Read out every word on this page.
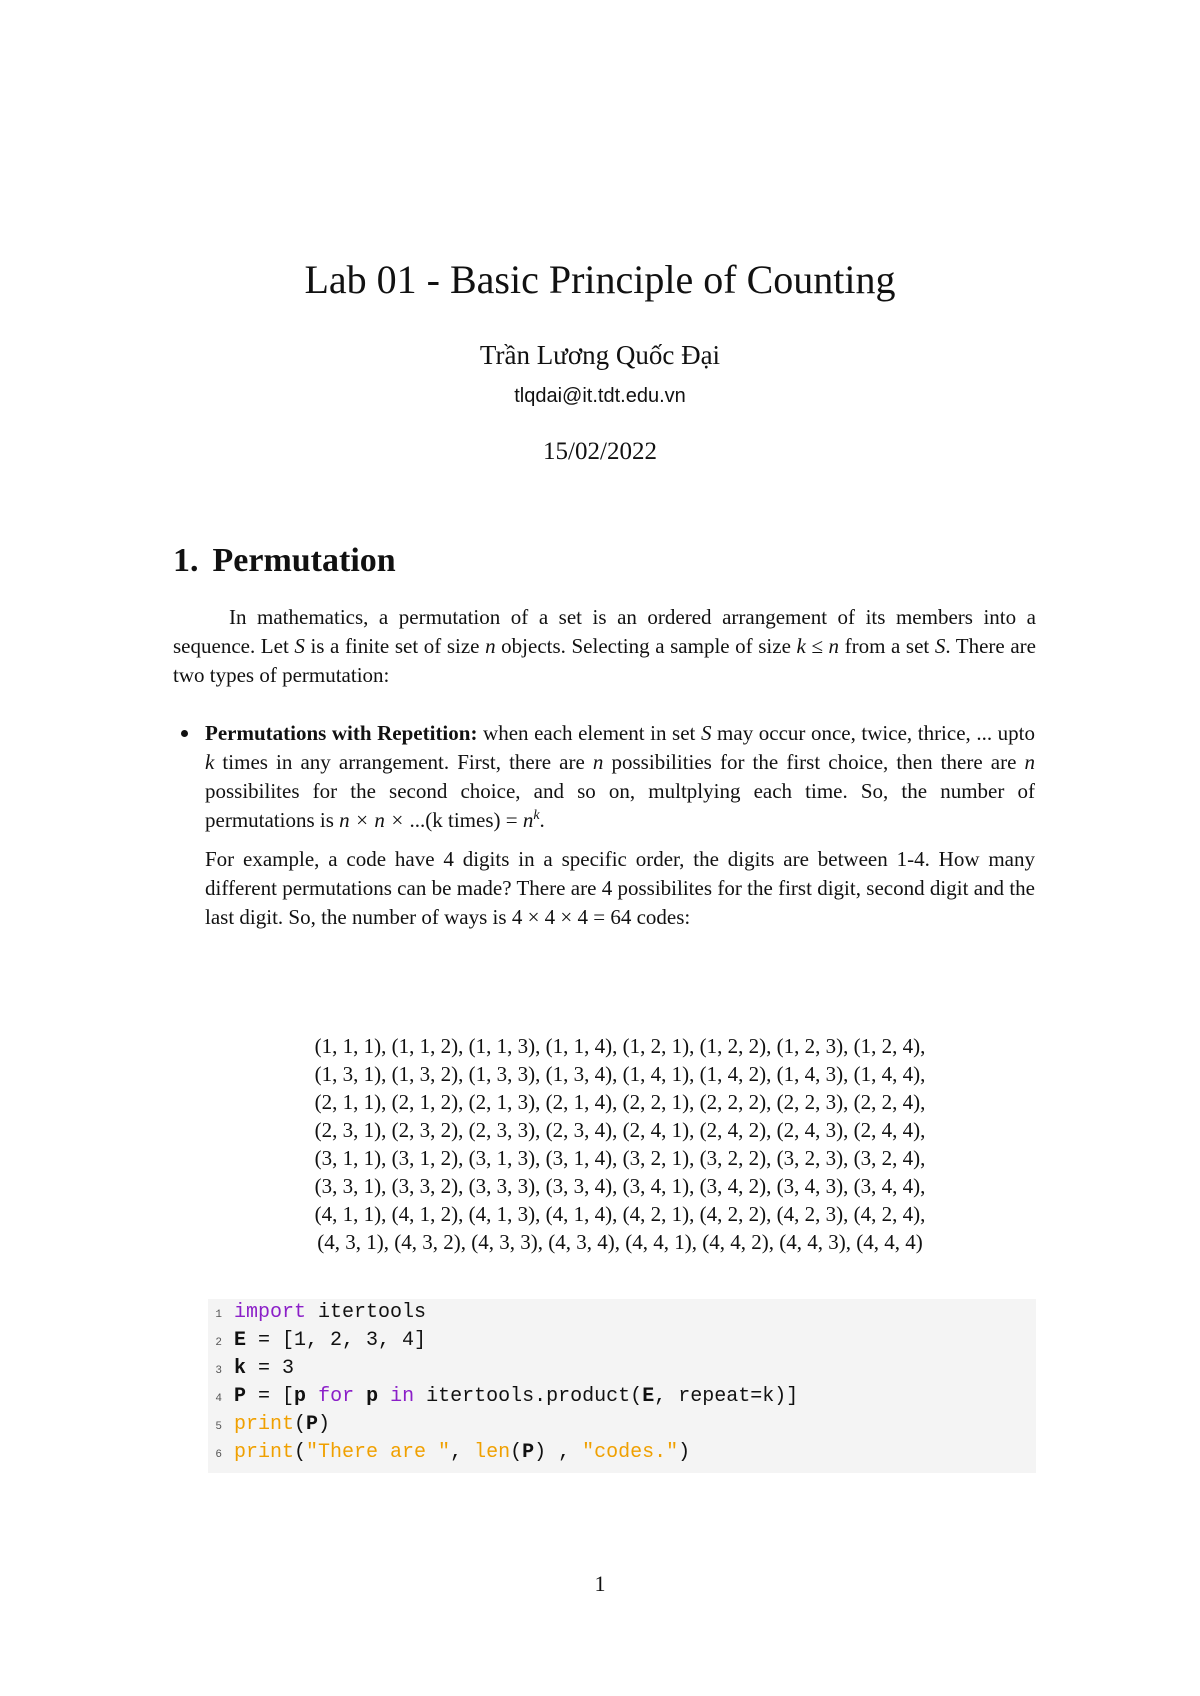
Lab 01 - Basic Principle of Counting
Trần Lương Quốc Đại
tlqdai@it.tdt.edu.vn
15/02/2022
1. Permutation
In mathematics, a permutation of a set is an ordered arrangement of its members into a sequence. Let S is a finite set of size n objects. Selecting a sample of size k ≤ n from a set S. There are two types of permutation:

Permutations with Repetition: when each element in set S may occur once, twice, thrice, ... upto k times in any arrangement. First, there are n possibilities for the first choice, then there are n possibilites for the second choice, and so on, multplying each time. So, the number of permutations is n × n × ...(k times) = $n^k$.

For example, a code have 4 digits in a specific order, the digits are between 1-4. How many different permutations can be made? There are 4 possibilites for the first digit, second digit and the last digit. So, the number of ways is 4 × 4 × 4 = 64 codes:

(1, 1, 1), (1, 1, 2), (1, 1, 3), (1, 1, 4), (1, 2, 1), (1, 2, 2), (1, 2, 3), (1, 2, 4),
(1, 3, 1), (1, 3, 2), (1, 3, 3), (1, 3, 4), (1, 4, 1), (1, 4, 2), (1, 4, 3), (1, 4, 4),
(2, 1, 1), (2, 1, 2), (2, 1, 3), (2, 1, 4), (2, 2, 1), (2, 2, 2), (2, 2, 3), (2, 2, 4),
(2, 3, 1), (2, 3, 2), (2, 3, 3), (2, 3, 4), (2, 4, 1), (2, 4, 2), (2, 4, 3), (2, 4, 4),
(3, 1, 1), (3, 1, 2), (3, 1, 3), (3, 1, 4), (3, 2, 1), (3, 2, 2), (3, 2, 3), (3, 2, 4),
(3, 3, 1), (3, 3, 2), (3, 3, 3), (3, 3, 4), (3, 4, 1), (3, 4, 2), (3, 4, 3), (3, 4, 4),
(4, 1, 1), (4, 1, 2), (4, 1, 3), (4, 1, 4), (4, 2, 1), (4, 2, 2), (4, 2, 3), (4, 2, 4),
(4, 3, 1), (4, 3, 2), (4, 3, 3), (4, 3, 4), (4, 4, 1), (4, 4, 2), (4, 4, 3), (4, 4, 4)
1 import itertools
2 E = [1, 2, 3, 4]
3 k = 3
4 P = [p for p in itertools.product(E, repeat=k)]
5 print(P)
6 print("There are ", len(P) , "codes.")
1
